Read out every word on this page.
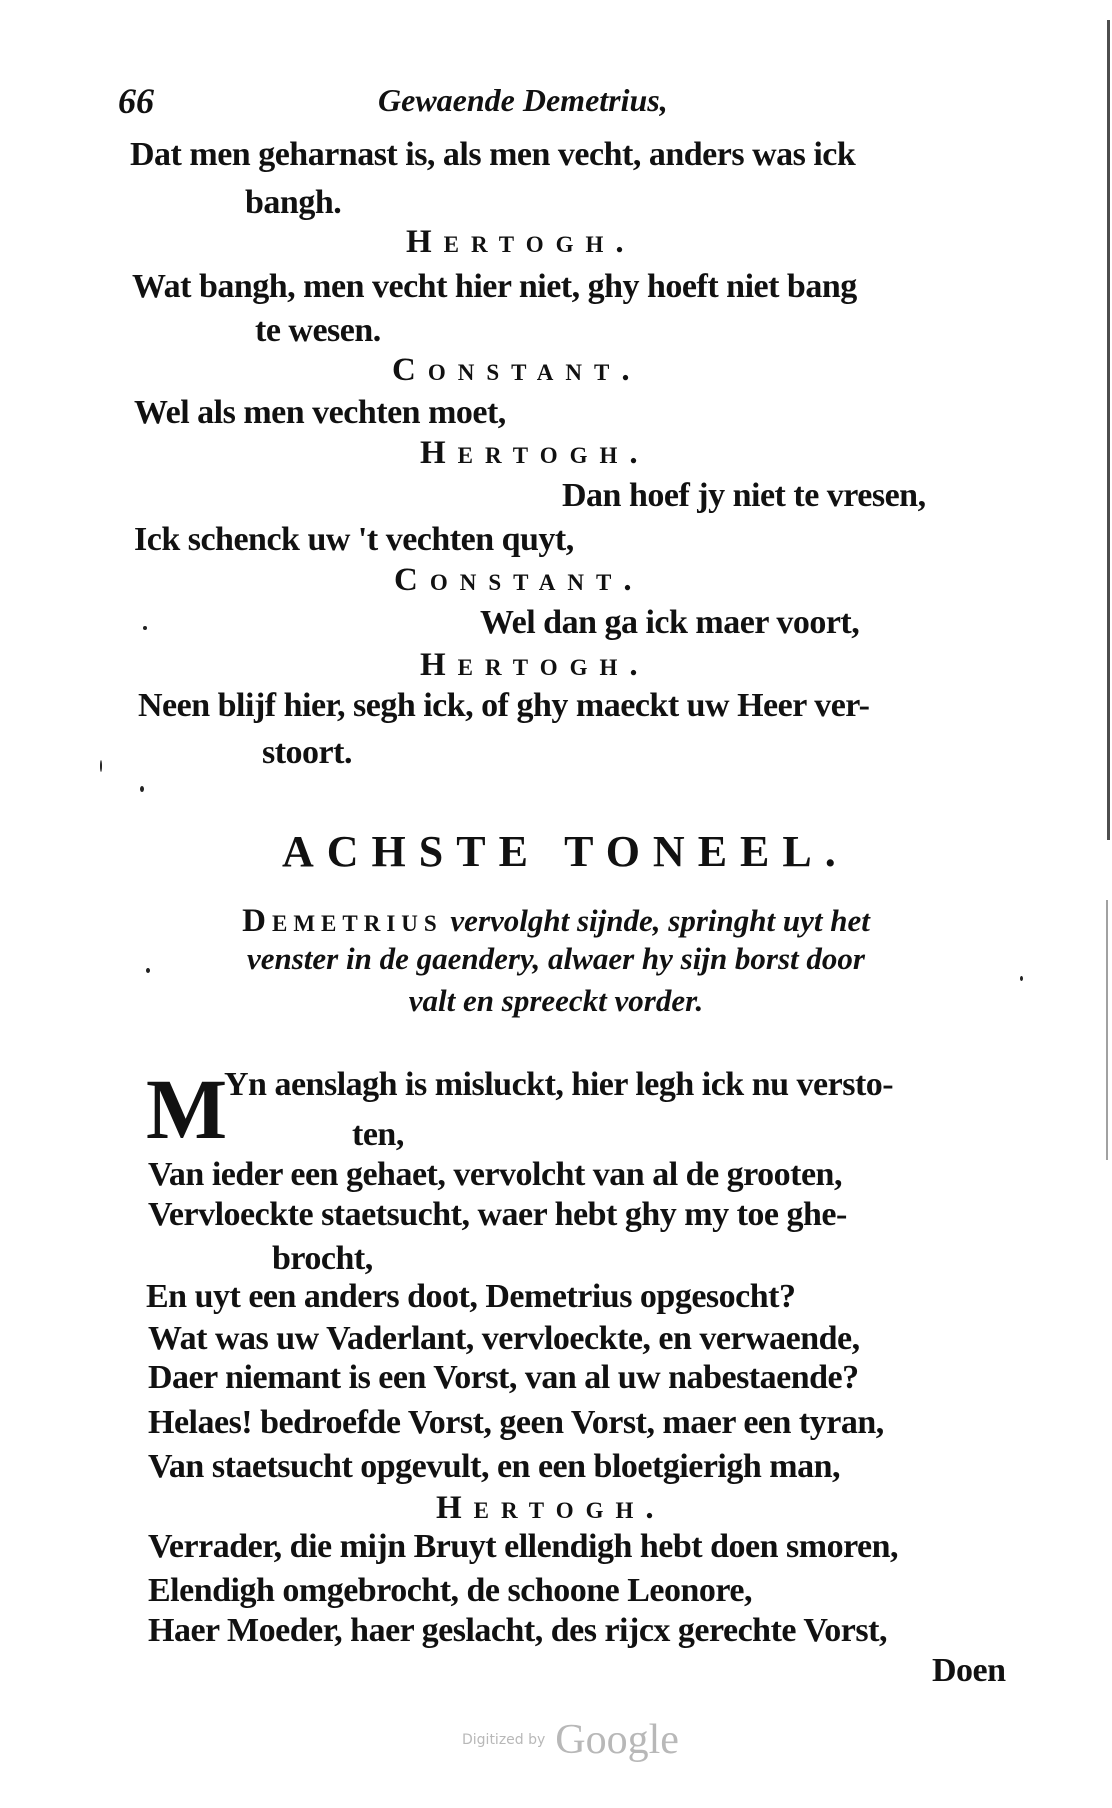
66	Gewaende Demetrius,
Dat men geharnast is, als men vecht, anders was ick
bangh.
Hertogh.
Wat bangh, men vecht hier niet, ghy hoeft niet bang
te wesen.
Constant.
Wel als men vechten moet,
Hertogh.
Dan hoef jy niet te vresen,
Ick schenck uw 't vechten quyt,
Constant.
Wel dan ga ick maer voort,
Hertogh.
Neen blijf hier, segh ick, of ghy maeckt uw Heer ver-
stoort.
ACHSTE TONEEL.
Demetrius vervolght sijnde, springht uyt het
venster in de gaendery, alwaer hy sijn borst door
valt en spreeckt vorder.
M
Yn aenslagh is misluckt, hier legh ick nu versto-
ten,
Van ieder een gehaet, vervolcht van al de grooten,
Vervloeckte staetsucht, waer hebt ghy my toe ghe-
brocht,
En uyt een anders doot, Demetrius opgesocht?
Wat was uw Vaderlant, vervloeckte, en verwaende,
Daer niemant is een Vorst, van al uw nabestaende?
Helaes! bedroefde Vorst, geen Vorst, maer een tyran,
Van staetsucht opgevult, en een bloetgierigh man,
Hertogh.
Verrader, die mijn Bruyt ellendigh hebt doen smoren,
Elendigh omgebrocht, de schoone Leonore,
Haer Moeder, haer geslacht, des rijcx gerechte Vorst,
Doen
Digitized by Google
